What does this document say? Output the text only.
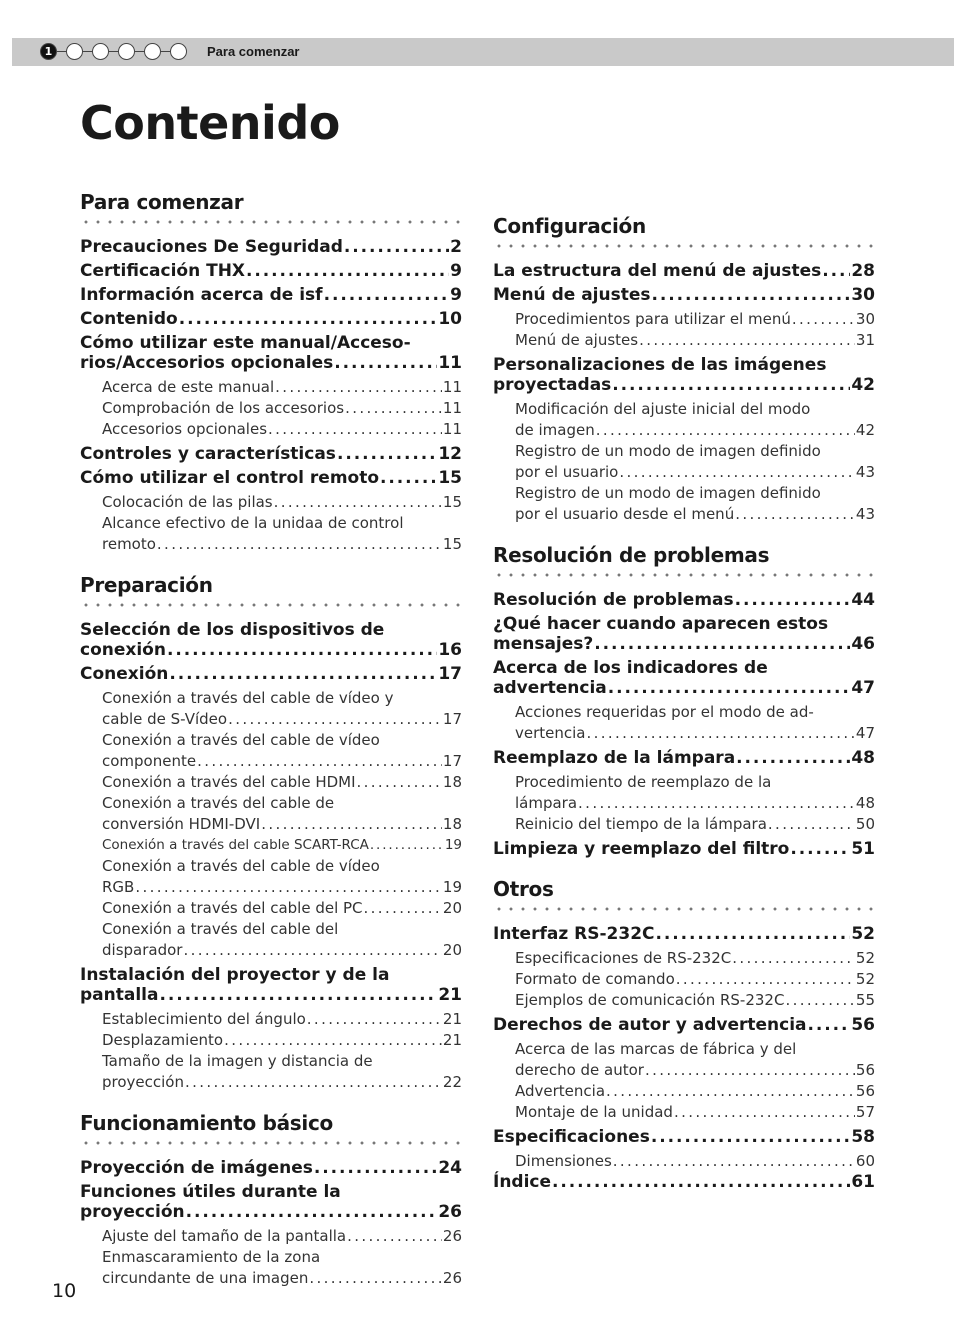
1	Para comenzar
Contenido
Para comenzar
Precauciones De Seguridad . . .	2
Certificación THX . . .	9
Información acerca de isf . . .	9
Contenido . . .	10
Cómo utilizar este manual/Acceso-
rios/Accesorios opcionales . . .	11
Acerca de este manual . . .	11
Comprobación de los accesorios . . .	11
Accesorios opcionales . . .	11
Controles y características . . .	12
Cómo utilizar el control remoto . . .	15
Colocación de las pilas . . .	15
Alcance efectivo de la unidaa de control
remoto . . .	15
Preparación
Selección de los dispositivos de
conexión . . .	16
Conexión . . .	17
Conexión a través del cable de vídeo y
cable de S-Vídeo . . .	17
Conexión a través del cable de vídeo
componente . . .	17
Conexión a través del cable HDMI . . .	18
Conexión a través del cable de
conversión HDMI-DVI . . .	18
Conexión a través del cable SCART-RCA . . .	19
Conexión a través del cable de vídeo
RGB . . .	19
Conexión a través del cable del PC . . .	20
Conexión a través del cable del
disparador . . .	20
Instalación del proyector y de la
pantalla . . .	21
Establecimiento del ángulo . . .	21
Desplazamiento . . .	21
Tamaño de la imagen y distancia de
proyección . . .	22
Funcionamiento básico
Proyección de imágenes . . .	24
Funciones útiles durante la
proyección . . .	26
Ajuste del tamaño de la pantalla . . .	26
Enmascaramiento de la zona
circundante de una imagen . . .	26
Configuración
La estructura del menú de ajustes . . . 28
Menú de ajustes . . .	30
Procedimientos para utilizar el menú . . .	30
Menú de ajustes . . .	31
Personalizaciones de las imágenes
proyectadas . . .	42
Modificación del ajuste inicial del modo
de imagen . . .	42
Registro de un modo de imagen definido
por el usuario . . .	43
Registro de un modo de imagen definido
por el usuario desde el menú . . .	43
Resolución de problemas
Resolución de problemas . . .	44
¿Qué hacer cuando aparecen estos
mensajes? . . .	46
Acerca de los indicadores de
advertencia . . .	47
Acciones requeridas por el modo de ad-
vertencia . . .	47
Reemplazo de la lámpara . . .	48
Procedimiento de reemplazo de la
lámpara . . .	48
Reinicio del tiempo de la lámpara . . .	50
Limpieza y reemplazo del filtro . . .	51
Otros
Interfaz RS-232C . . .	52
Especificaciones de RS-232C . . .	52
Formato de comando . . .	52
Ejemplos de comunicación RS-232C . . .	55
Derechos de autor y advertencia . . .	56
Acerca de las marcas de fábrica y del
derecho de autor . . .	56
Advertencia . . .	56
Montaje de la unidad . . .	57
Especificaciones . . .	58
Dimensiones . . .	60
Índice . . .	61
10
